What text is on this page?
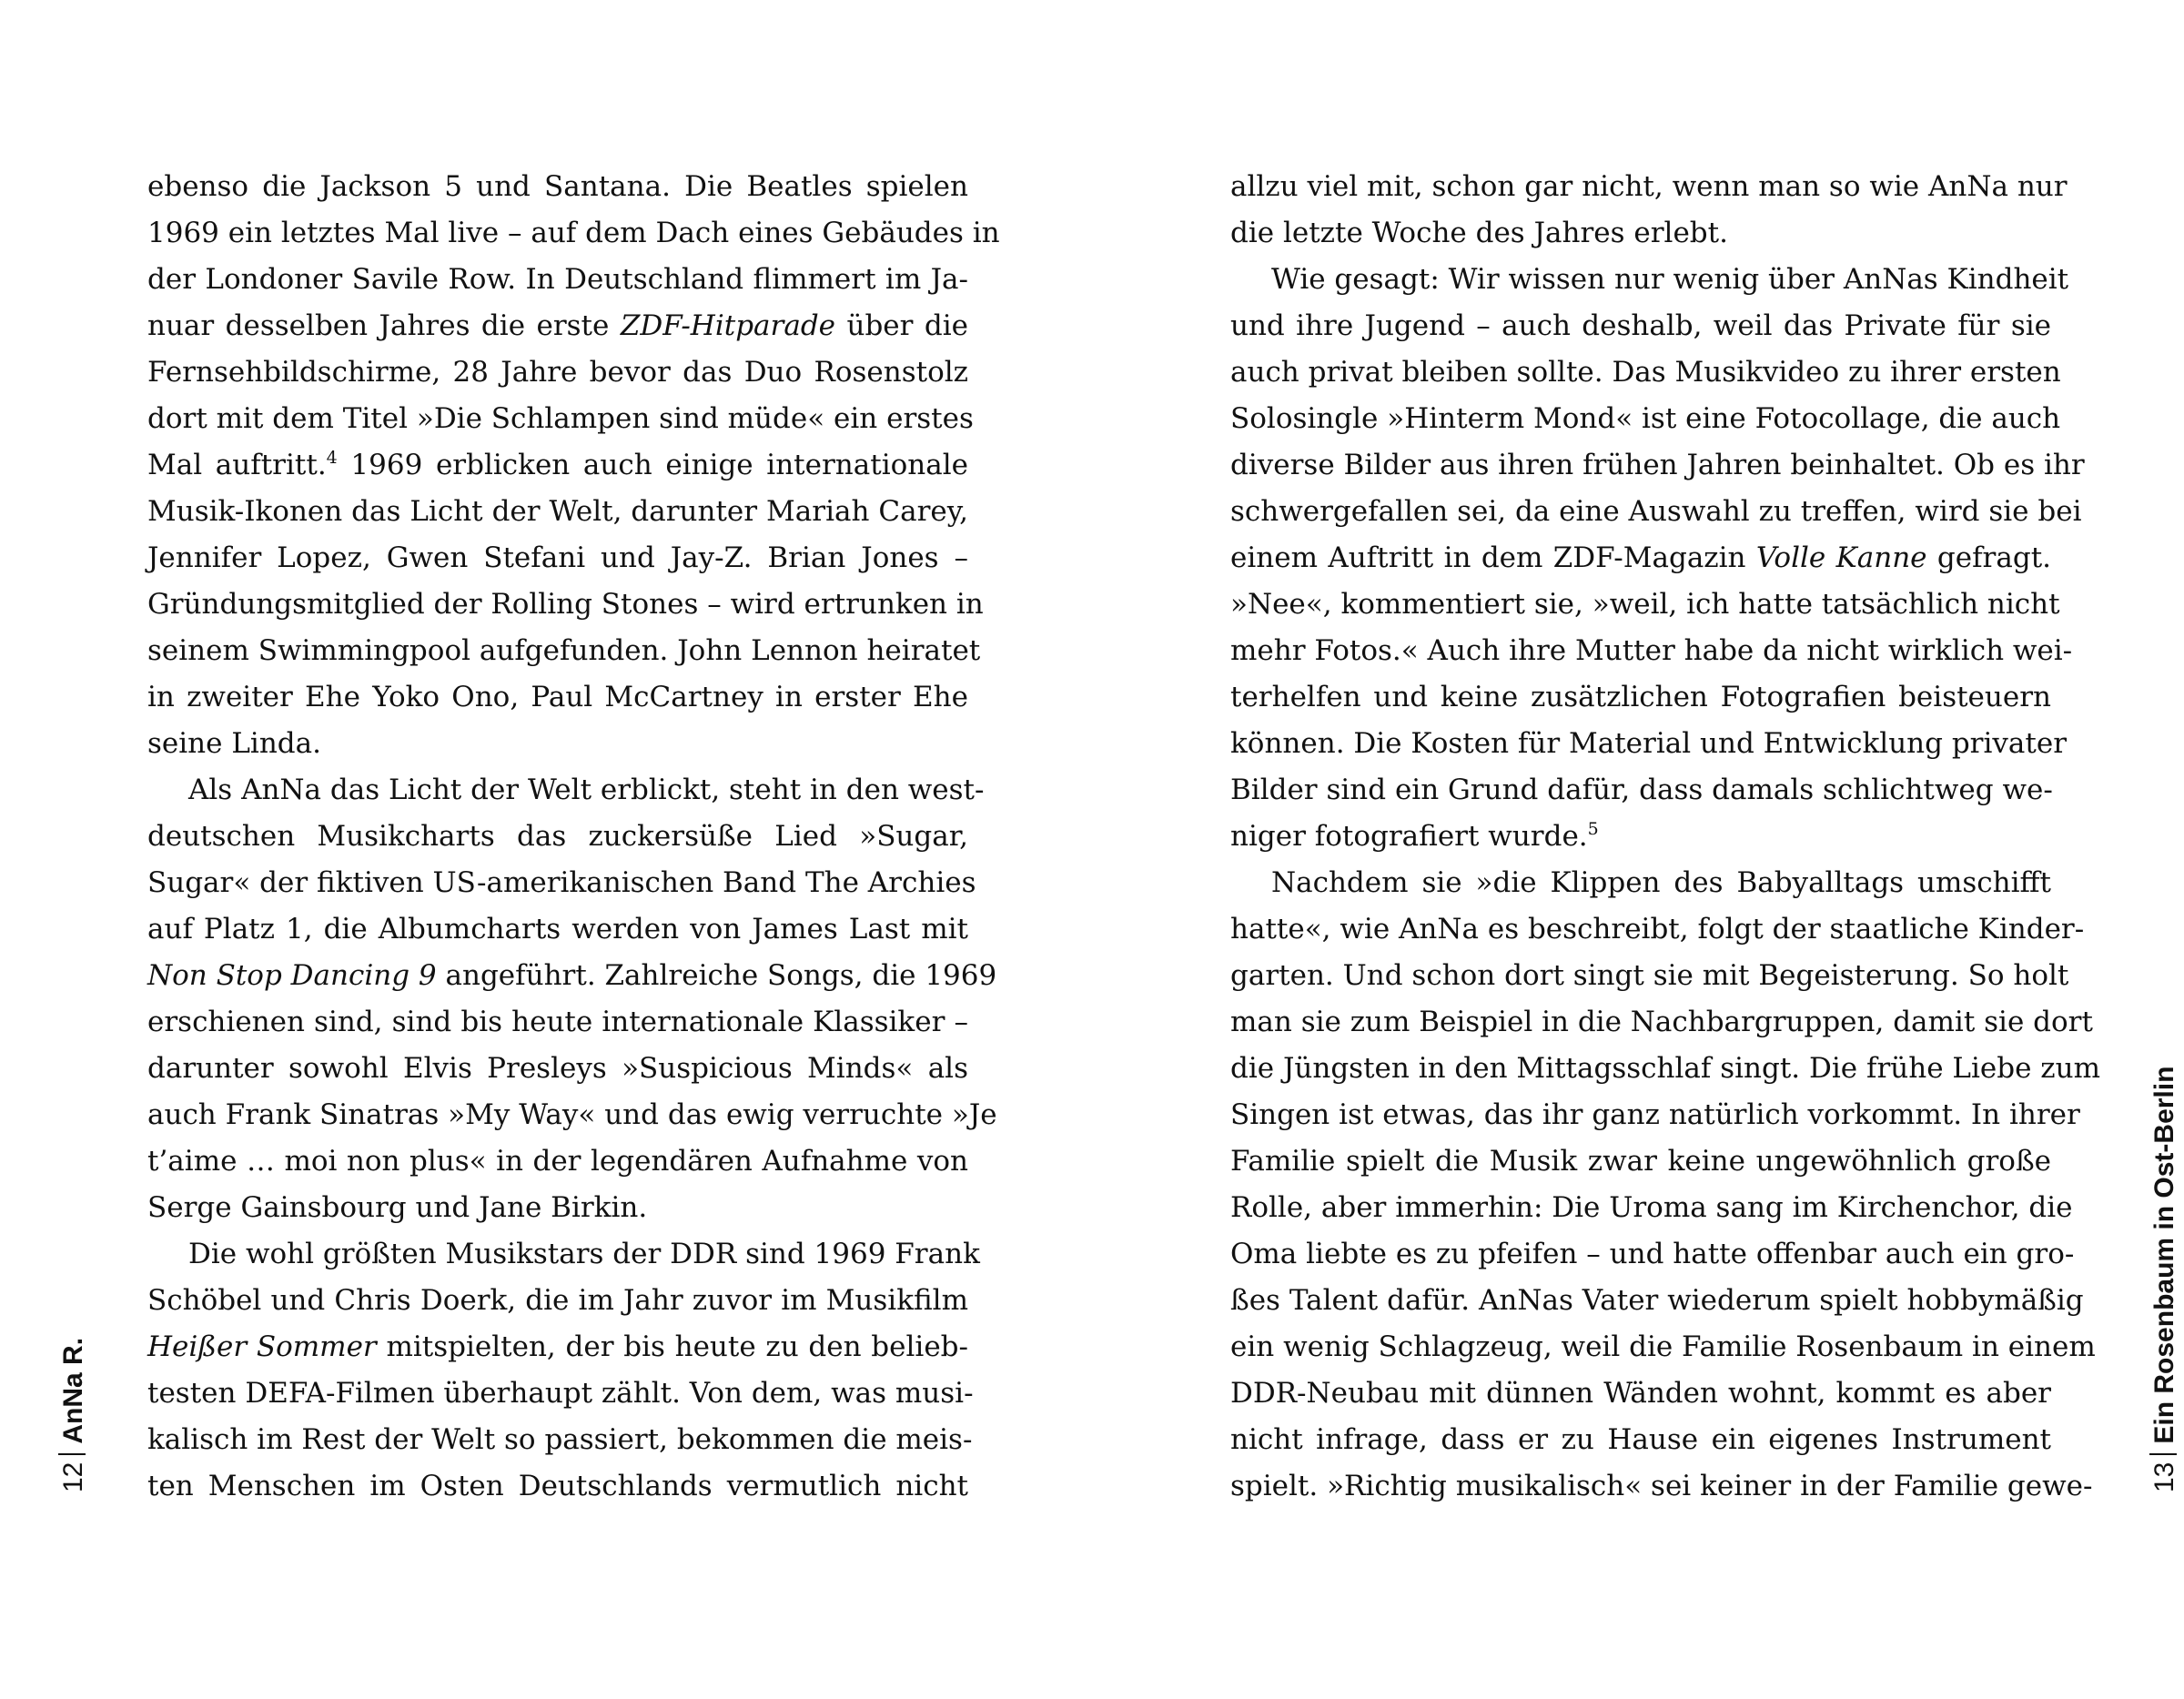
12AnNa R.
ebenso die Jackson 5 und Santana. Die Beatles spielen
1969 ein letztes Mal live – auf dem Dach eines Gebäudes in
der Londoner Savile Row. In Deutschland flimmert im Ja-
nuar desselben Jahres die erste ZDF-Hitparade über die
Fernsehbildschirme, 28 Jahre bevor das Duo Rosenstolz
dort mit dem Titel »Die Schlampen sind müde« ein erstes
Mal auftritt.$^4$ 1969 erblicken auch einige internationale
Musik-Ikonen das Licht der Welt, darunter Mariah Carey,
Jennifer Lopez, Gwen Stefani und Jay-Z. Brian Jones –
Gründungsmitglied der Rolling Stones – wird ertrunken in
seinem Swimmingpool aufgefunden. John Lennon heiratet
in zweiter Ehe Yoko Ono, Paul McCartney in erster Ehe
seine Linda.
Als AnNa das Licht der Welt erblickt, steht in den west-
deutschen Musikcharts das zuckersüße Lied »Sugar,
Sugar« der fiktiven US-amerikanischen Band The Archies
auf Platz 1, die Albumcharts werden von James Last mit
Non Stop Dancing 9 angeführt. Zahlreiche Songs, die 1969
erschienen sind, sind bis heute internationale Klassiker –
darunter sowohl Elvis Presleys »Suspicious Minds« als
auch Frank Sinatras »My Way« und das ewig verruchte »Je
t’aime … moi non plus« in der legendären Aufnahme von
Serge Gainsbourg und Jane Birkin.
Die wohl größten Musikstars der DDR sind 1969 Frank
Schöbel und Chris Doerk, die im Jahr zuvor im Musikfilm
Heißer Sommer mitspielten, der bis heute zu den belieb-
testen DEFA-Filmen überhaupt zählt. Von dem, was musi-
kalisch im Rest der Welt so passiert, bekommen die meis-
ten Menschen im Osten Deutschlands vermutlich nicht
allzu viel mit, schon gar nicht, wenn man so wie AnNa nur
die letzte Woche des Jahres erlebt.
Wie gesagt: Wir wissen nur wenig über AnNas Kindheit
und ihre Jugend – auch deshalb, weil das Private für sie
auch privat bleiben sollte. Das Musikvideo zu ihrer ersten
Solosingle »Hinterm Mond« ist eine Fotocollage, die auch
diverse Bilder aus ihren frühen Jahren beinhaltet. Ob es ihr
schwergefallen sei, da eine Auswahl zu treffen, wird sie bei
einem Auftritt in dem ZDF-Magazin Volle Kanne gefragt.
»Nee«, kommentiert sie, »weil, ich hatte tatsächlich nicht
mehr Fotos.« Auch ihre Mutter habe da nicht wirklich wei-
terhelfen und keine zusätzlichen Fotografien beisteuern
können. Die Kosten für Material und Entwicklung privater
Bilder sind ein Grund dafür, dass damals schlichtweg we-
niger fotografiert wurde.$^5$
Nachdem sie »die Klippen des Babyalltags umschifft
hatte«, wie AnNa es beschreibt, folgt der staatliche Kinder-
garten. Und schon dort singt sie mit Begeisterung. So holt
man sie zum Beispiel in die Nachbargruppen, damit sie dort
die Jüngsten in den Mittagsschlaf singt. Die frühe Liebe zum
Singen ist etwas, das ihr ganz natürlich vorkommt. In ihrer
Familie spielt die Musik zwar keine ungewöhnlich große
Rolle, aber immerhin: Die Uroma sang im Kirchenchor, die
Oma liebte es zu pfeifen – und hatte offenbar auch ein gro-
ßes Talent dafür. AnNas Vater wiederum spielt hobbymäßig
ein wenig Schlagzeug, weil die Familie Rosenbaum in einem
DDR-Neubau mit dünnen Wänden wohnt, kommt es aber
nicht infrage, dass er zu Hause ein eigenes Instrument
spielt. »Richtig musikalisch« sei keiner in der Familie gewe- 13Ein Rosenbaum in Ost-Berlin
